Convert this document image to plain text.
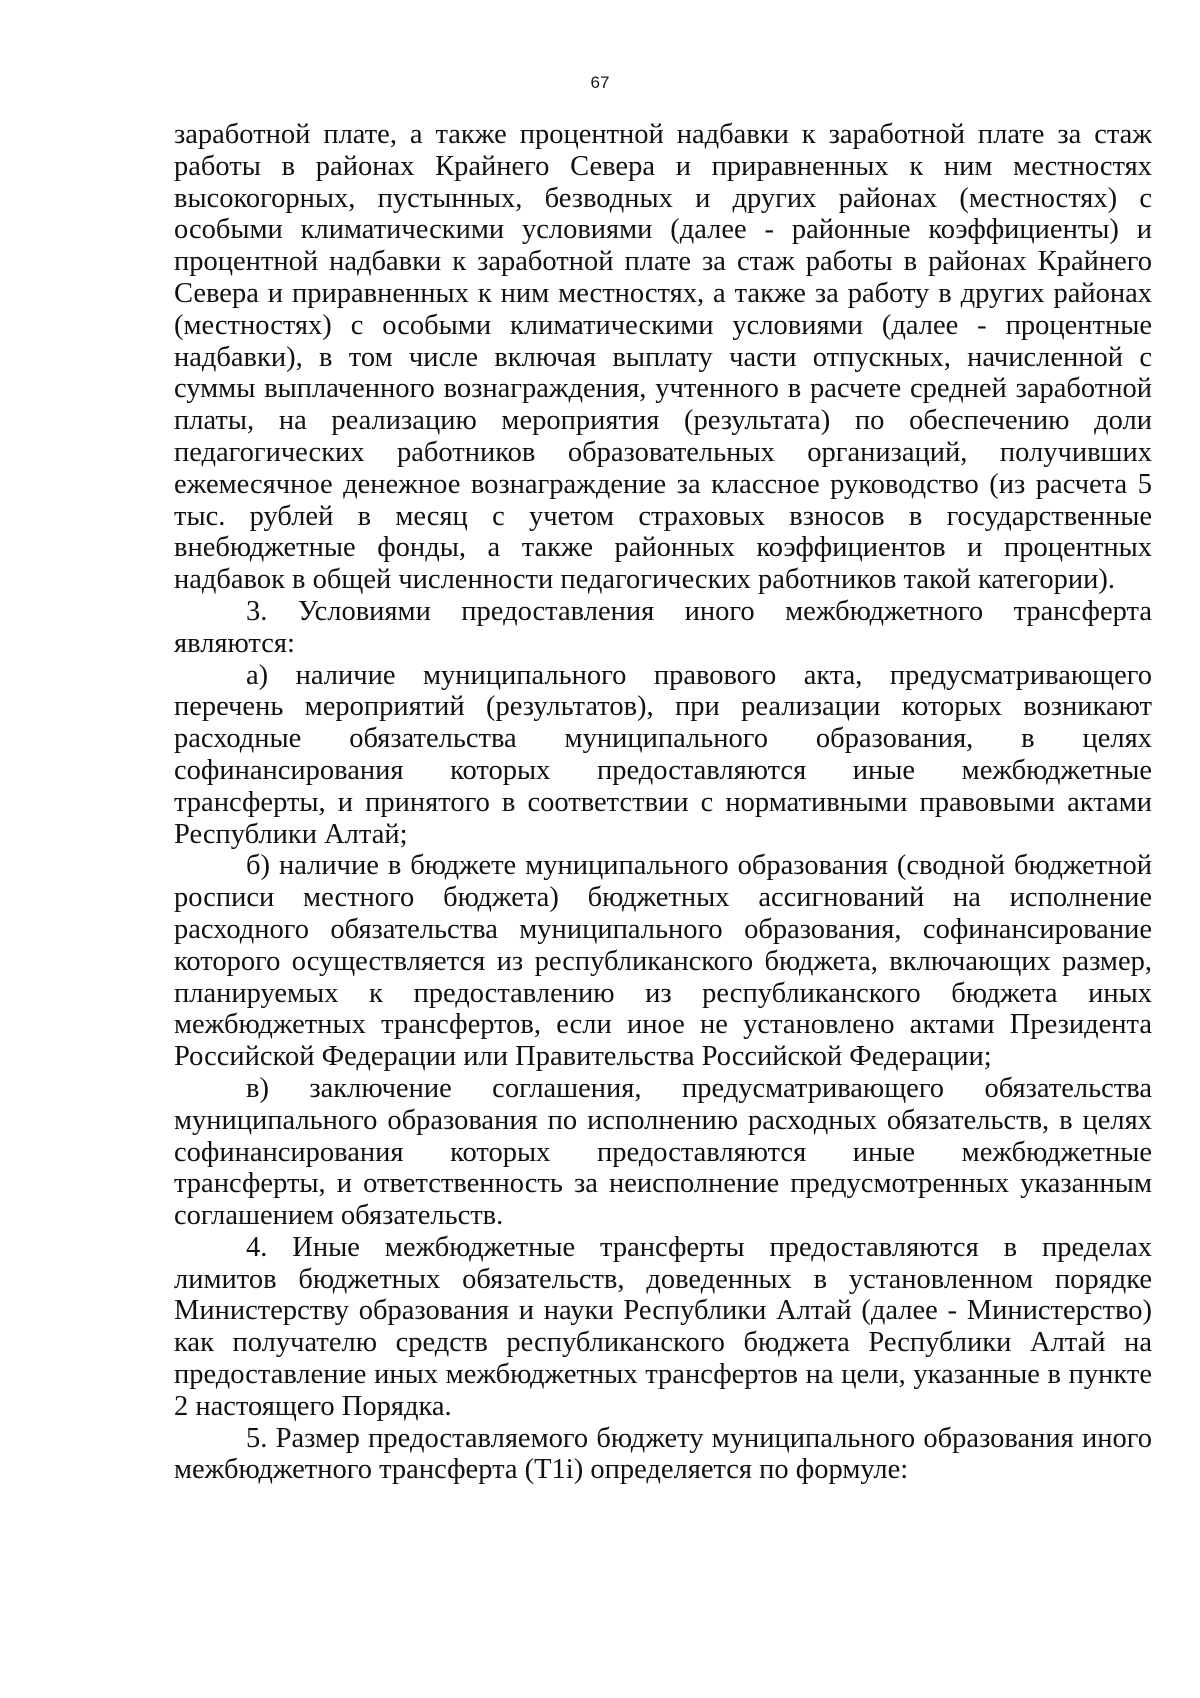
67
заработной плате, а также процентной надбавки к заработной плате за стаж
работы в районах Крайнего Севера и приравненных к ним местностях
высокогорных, пустынных, безводных и других районах (местностях) с
особыми климатическими условиями (далее - районные коэффициенты) и
процентной надбавки к заработной плате за стаж работы в районах Крайнего
Севера и приравненных к ним местностях, а также за работу в других районах
(местностях) с особыми климатическими условиями (далее - процентные
надбавки), в том числе включая выплату части отпускных, начисленной с
суммы выплаченного вознаграждения, учтенного в расчете средней заработной
платы, на реализацию мероприятия (результата) по обеспечению доли
педагогических работников образовательных организаций, получивших
ежемесячное денежное вознаграждение за классное руководство (из расчета 5
тыс. рублей в месяц с учетом страховых взносов в государственные
внебюджетные фонды, а также районных коэффициентов и процентных
надбавок в общей численности педагогических работников такой категории).
3. Условиями предоставления иного межбюджетного трансферта
являются:
а) наличие муниципального правового акта, предусматривающего
перечень мероприятий (результатов), при реализации которых возникают
расходные обязательства муниципального образования, в целях
софинансирования которых предоставляются иные межбюджетные
трансферты, и принятого в соответствии с нормативными правовыми актами
Республики Алтай;
б) наличие в бюджете муниципального образования (сводной бюджетной
росписи местного бюджета) бюджетных ассигнований на исполнение
расходного обязательства муниципального образования, софинансирование
которого осуществляется из республиканского бюджета, включающих размер,
планируемых к предоставлению из республиканского бюджета иных
межбюджетных трансфертов, если иное не установлено актами Президента
Российской Федерации или Правительства Российской Федерации;
в) заключение соглашения, предусматривающего обязательства
муниципального образования по исполнению расходных обязательств, в целях
софинансирования которых предоставляются иные межбюджетные
трансферты, и ответственность за неисполнение предусмотренных указанным
соглашением обязательств.
4. Иные межбюджетные трансферты предоставляются в пределах
лимитов бюджетных обязательств, доведенных в установленном порядке
Министерству образования и науки Республики Алтай (далее - Министерство)
как получателю средств республиканского бюджета Республики Алтай на
предоставление иных межбюджетных трансфертов на цели, указанные в пункте
2 настоящего Порядка.
5. Размер предоставляемого бюджету муниципального образования иного
межбюджетного трансферта (T1i) определяется по формуле:
